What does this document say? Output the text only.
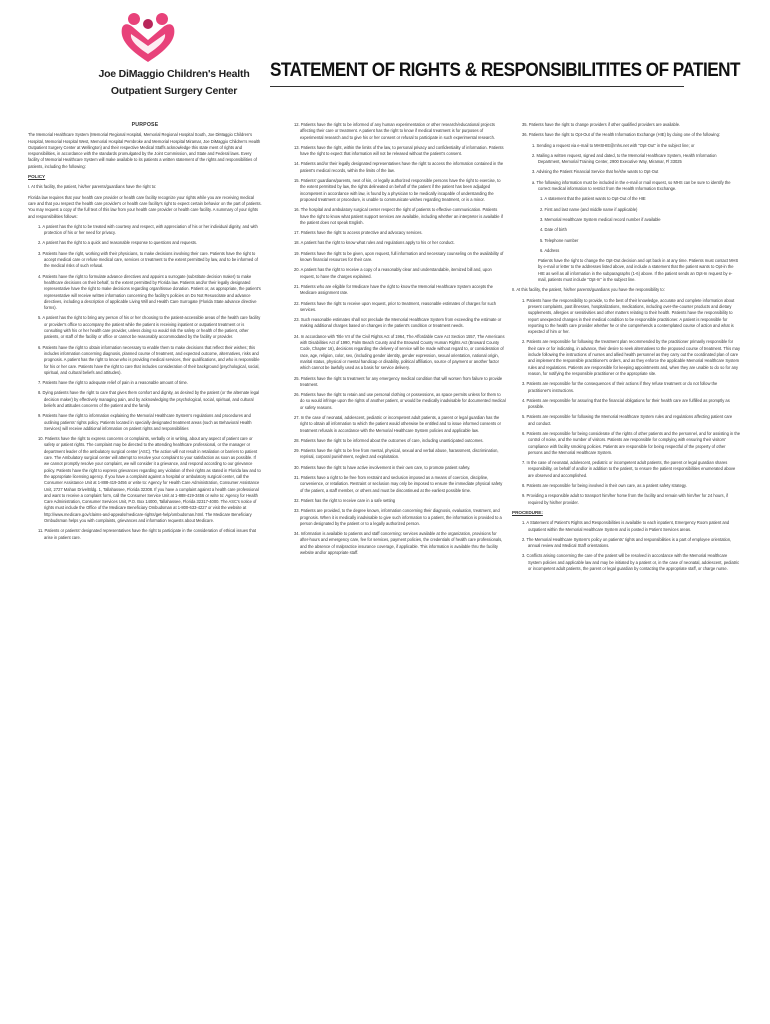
Joe DiMaggio Children's Health
Outpatient Surgery Center
STATEMENT OF RIGHTS & RESPONSIBILITITES OF PATIENT

PURPOSE

The Memorial Healthcare System (Memorial Regional Hospital, Memorial Regional Hospital South, Joe DiMaggio Children's Hospital, Memorial Hospital West, Memorial Hospital Pembroke and Memorial Hospital Miramar, Joe DiMaggio Children's Health Outpatient Surgery Center at Wellington) and their respective Medical Staffs acknowledge this state ment of rights and responsibilities, in accordance with the standards promulgated by the Joint Commission, and State and Federal laws. Every facility of Memorial Healthcare System will make available to its patients a written statement of the rights and responsibilities of patients, including the following:

POLICY

I. At this facility, the patient, his/her parents/guardians have the right to:

Florida law requires that your health care provider or health care facility recognize your rights while you are receiving medical care and that you respect the health care provider's or health care facility's right to expect certain behavior on the part of patients. You may request a copy of the full text of this law from your health care provider or health care facility. A summary of your rights and responsibilities follows:

1. A patient has the right to be treated with courtesy and respect, with appreciation of his or her individual dignity, and with protection of his or her need for privacy.

2. A patient has the right to a quick and reasonable response to questions and requests.

3. Patients have the right, working with their physicians, to make decisions involving their care. Patients have the right to accept medical care or refuse medical care, services or treatment to the extent permitted by law, and to be informed of the medical risks of such refusal.

4. Patients have the right to formulate advance directives and appoint a surrogate (substitute decision maker) to make healthcare decisions on their behalf, to the extent permitted by Florida law. Patients and/or their legally designated representative have the right to make decisions regarding organ/tissue donation. Patient or, as appropriate, the patient's representative will receive written information concerning the facility's policies on Do Not Resuscitate and advance directives, including a description of applicable Living Will and Health Care Surrogate (Florida State advance directive forms).

5. A patient has the right to bring any person of his or her choosing to the patient-accessible areas of the health care facility or provider's office to accompany the patient while the patient is receiving inpatient or outpatient treatment or is consulting with his or her health care provider, unless doing so would risk the safety or health of the patient, other patients, or staff of the facility or office or cannot be reasonably accommodated by the facility or provider.

6. Patients have the right to obtain information necessary to enable them to make decisions that reflect their wishes; this includes information concerning diagnosis, planned course of treatment, and expected outcome, alternatives, risks and prognosis. A patient has the right to know who is providing medical services, their qualifications, and who is responsible for his or her care. Patients have the right to care that includes consideration of their background (psychological, social, spiritual, and cultural beliefs and attitudes).

7. Patients have the right to adequate relief of pain in a reasonable amount of time.

8. Dying patients have the right to care that gives them comfort and dignity, as desired by the patient (or the alternate legal decision maker) by effectively managing pain, and by acknowledging the psychological, social, spiritual, and cultural beliefs and attitudes concerns of the patient and the family.

9. Patients have the right to information explaining the Memorial Healthcare System's regulations and procedures and outlining patients' rights policy. Patients located in specially designated treatment areas (such as Behavioral Health Services) will receive additional information on patient rights and responsibilities

10. Patients have the right to express concerns or complaints, verbally or in writing, about any aspect of patient care or safety or patient rights. The complaint may be directed to the attending healthcare professional, or the manager or department leader of the ambulatory surgical center (ASC). The action will not result in retaliation or barriers to patient care. The Ambulatory surgical center will attempt to resolve your complaint to your satisfaction as soon as possible. If we cannot promptly resolve your complaint, we will consider it a grievance, and respond according to our grievance policy. Patients have the right to express grievances regarding any violation of their rights as stated in Florida law and to the appropriate licensing agency. If you have a complaint against a hospital or ambulatory surgical center, call the Consumer Assistance Unit at 1-888-419-3456 or write to: Agency for Health Care Administration, Consumer Assistance Unit, 2727 Mahan Drive/Bldg. 1, Tallahassee, Florida 32308. If you have a complaint against a health care professional and want to receive a complaint form, call the Consumer Service Unit at 1-888-419-3456 or write to: Agency for Health Care Administration, Consumer Services Unit, P.O. Box 14000, Tallahassee, Florida 32317-4000. The ASC's notice of rights must include the Office of the Medicare Beneficiary Ombudsman at 1-800-633-4227 or visit the website at http://www.medicare.gov/claims-and-appeals/medicare-rights/get-help/ombudsman.html. The Medicare Beneficiary Ombudsman helps you with complaints, grievances and information requests about Medicare.

11. Patients or patients' designated representatives have the right to participate in the consideration of ethical issues that arise in patient care.

12. Patients have the right to be informed of any human experimentation or other research/educational projects affecting their care or treatment. A patient has the right to know if medical treatment is for purposes of experimental research and to give his or her consent or refusal to participate in such experimental research.

13. Patients have the right, within the limits of the law, to personal privacy and confidentiality of information. Patients have the right to expect that information will not be released without the patient's consent.

14. Patients and/or their legally designated representatives have the right to access the information contained in the patient's medical records, within the limits of the law.

15. Patients' guardians/parents, next of kin, or legally authorized responsible persons have the right to exercise, to the extent permitted by law, the rights delineated on behalf of the patient if the patient has been adjudged incompetent in accordance with law, is found by a physician to be medically incapable of understanding the proposed treatment or procedure, is unable to communicate wishes regarding treatment, or is a minor.

16. The hospital and ambulatory surgical center respect the right of patients to effective communication. Patients have the right to know what patient support services are available, including whether an interpreter is available if the patient does not speak English.

17. Patients have the right to access protective and advocacy services.

18. A patient has the right to know what rules and regulations apply to his or her conduct.

19. Patients have the right to be given, upon request, full information and necessary counseling on the availability of known financial resources for their care.

20. A patient has the right to receive a copy of a reasonably clear and understandable, itemized bill and, upon request, to have the charges explained.

21. Patients who are eligible for Medicare have the right to know the Memorial Healthcare System accepts the Medicare assignment rate.

22. Patients have the right to receive upon request, prior to treatment, reasonable estimates of charges for such services.

23. Such reasonable estimates shall not preclude the Memorial Healthcare System from exceeding the estimate or making additional charges based on changes in the patient's condition or treatment needs.

24. In accordance with Title VII of the Civil Rights Act of 1964, The Affordable Care Act Section 1557, The Americans with Disabilities Act of 1990, Palm Beach County and the Broward County Human Rights Act (Broward County Code, Chapter 16), decisions regarding the delivery of service will be made without regard to, or consideration of race, age, religion, color, sex, (including gender identity, gender expression, sexual orientation, national origin, marital status, physical or mental handicap or disability, political affiliation, source of payment or another factor which cannot be lawfully used as a basis for service delivery.

25. Patients have the right to treatment for any emergency medical condition that will worsen from failure to provide treatment.

26. Patients have the right to retain and use personal clothing or possessions, as space permits unless for them to do so would infringe upon the rights of another patient, or would be medically inadvisable for documented medical or safety reasons.

27. In the case of neonatal, adolescent, pediatric or incompetent adult patients, a parent or legal guardian has the right to obtain all information to which the patient would otherwise be entitled and to issue informed consents or treatment refusals in accordance with the Memorial Healthcare System policies and applicable law.

28. Patients have the right to be informed about the outcomes of care, including unanticipated outcomes.

29. Patients have the right to be free from mental, physical, sexual and verbal abuse, harassment, discrimination, reprisal, corporal punishment, neglect and exploitation.

30. Patients have the right to have active involvement in their own care, to promote patient safety.

31. Patients have a right to be free from restraint and seclusion imposed as a means of coercion, discipline, convenience, or retaliation. Restraint or seclusion may only be imposed to ensure the immediate physical safety of the patient, a staff member, or others and must be discontinued at the earliest possible time.

32. Patient has the right to receive care in a safe setting

33. Patients are provided, to the degree known, information concerning their diagnosis, evaluation, treatment, and prognosis. When it is medically inadvisable to give such information to a patient, the information is provided to a person designated by the patient or to a legally authorized person.

34. Information is available to patients and staff concerning: services available at the organization, provisions for after-hours and emergency care, fee for services, payment policies, the credentials of health care professionals, and the absence of malpractice insurance coverage, if applicable. This information is available thru the facility website and/or appropriate staff.

35. Patients have the right to change providers if other qualified providers are available.

36. Patients have the right to Opt-Out of the Health Information Exchange (HIE) by doing one of the following:

1. Sending a request via e-mail to MHSHIE@mhs.net with "Opt-Out" in the subject line; or

2. Mailing a written request, signed and dated, to the Memorial Healthcare System, Health Information Department, Memorial Training Center, 2900 Executive Way, Miramar, Fl 33025

3. Advising the Patient Financial Service that he/she wants to Opt-Out

a. The following information must be included in the e-mail or mail request, so MHS can be sure to identify the correct medical information to restrict from the Health Information Exchange.

1. A statement that the patient wants to Opt-Out of the HIE

2. First and last name (and middle name if applicable)

3. Memorial Healthcare System medical record number if available

4. Date of birth

5. Telephone number

6. Address

Patients have the right to change the Opt-Out decision and opt back in at any time. Patients must contact MHS by e-mail or letter to the addresses listed above, and include a statement that the patient wants to Opt-in the HIE as well as all information in the subparagraphs (1-6) above. If the patient sends an Opt-In request by e-mail, patients must include "Opt-In" in the subject line.

II. At this facility, the patient, his/her parents/guardians you have the responsibility to:

1. Patients have the responsibility to provide, to the best of their knowledge, accurate and complete information about present complaints, past illnesses, hospitalizations, medications, including over-the-counter products and dietary supplements, allergies or sensitivities and other matters relating to their health. Patients have the responsibility to report unexpected changes in their medical condition to be responsible practitioner. A patient is responsible for reporting to the health care provider whether he or she comprehends a contemplated course of action and what is expected of him or her.

2. Patients are responsible for following the treatment plan recommended by the practitioner primarily responsible for their care or for indicating, in advance, their desire to seek alternatives to the proposed course of treatment. This may include following the instructions of nurses and allied health personnel as they carry out the coordinated plan of care and implement the responsible practitioner's orders, and as they enforce the applicable Memorial Healthcare System rules and regulations. Patients are responsible for keeping appointments and, when they are unable to do so for any reason, for notifying the responsible practitioner or the appropriate site.

3. Patients are responsible for the consequences of their actions if they refuse treatment or do not follow the practitioner's instructions.

4. Patients are responsible for assuring that the financial obligations for their health care are fulfilled as promptly as possible.

5. Patients are responsible for following the Memorial Healthcare System rules and regulations affecting patient care and conduct.

6. Patients are responsible for being considerate of the rights of other patients and the personnel, and for assisting in the control of noise, and the number of visitors. Patients are responsible for complying with ensuring their visitors' compliance with facility smoking policies. Patients are responsible for being respectful of the property of other persons and the Memorial Healthcare System.

7. In the case of neonatal, adolescent, pediatric or incompetent adult patients, the parent or legal guardian shares responsibility, on behalf of and/or in addition to the patient, to ensure the patient responsibilities enumerated above are observed and accomplished.

8. Patients are responsible for being involved in their own care, as a patient safety strategy.

9. Providing a responsible adult to transport him/her home from the facility and remain with him/her for 24 hours, if required by his/her provider.

PROCEDURE:

1. A Statement of Patient's Rights and Responsibilities is available to each inpatient, Emergency Room patient and outpatient within the Memorial Healthcare System and is posted in Patient Services areas.

2. The Memorial Healthcare System's policy on patients' rights and responsibilities is a part of employee orientation, annual review and Medical Staff orientations.

3. Conflicts arising concerning the care of the patient will be resolved in accordance with the Memorial Healthcare System policies and applicable law and may be initiated by a patient or, in the case of neonatal, adolescent, pediatric or incompetent adult patients, the parent or legal guardian by contacting the appropriate staff, or charge nurse.
